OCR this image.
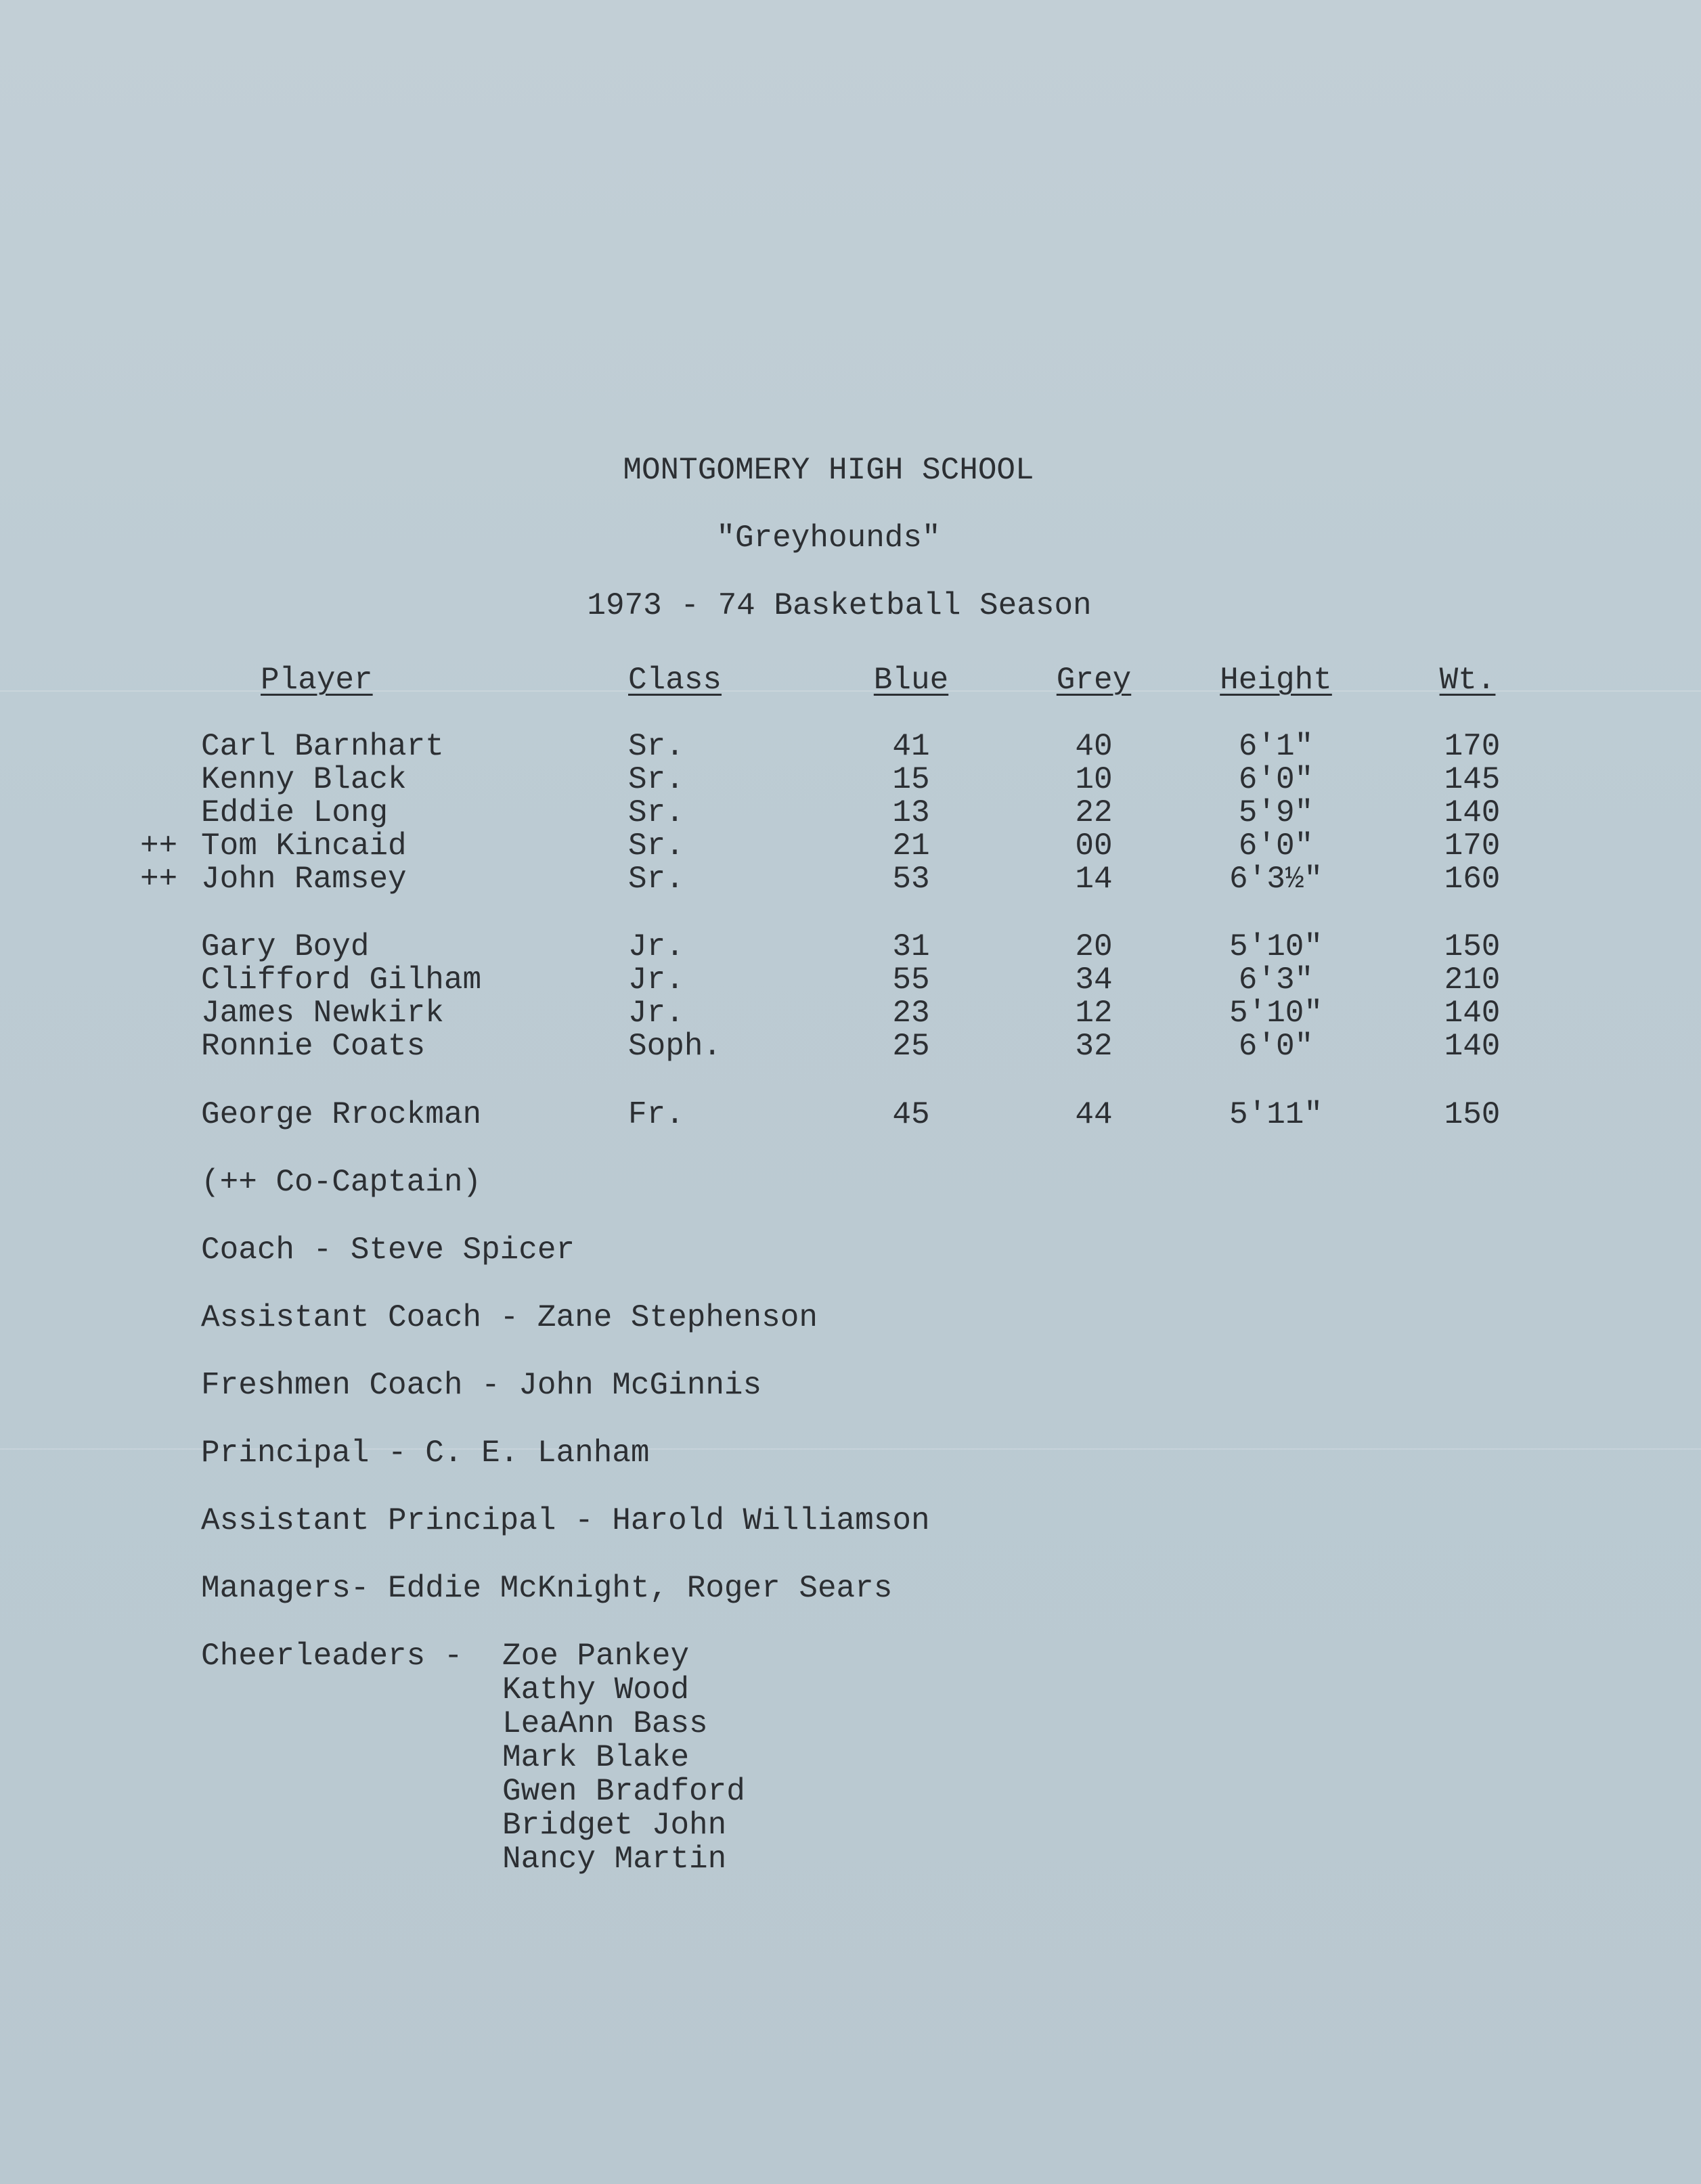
MONTGOMERY HIGH SCHOOL
"Greyhounds"
1973 - 74 Basketball Season
Player	Class	Blue	Grey	Height	Wt.
Carl Barnhart	Sr.	41	40	6'1"	170
Kenny Black	Sr.	15	10	6'0"	145
Eddie Long	Sr.	13	22	5'9"	140
++ Tom Kincaid	Sr.	21	00	6'0"	170
++ John Ramsey	Sr.	53	14	6'3½"	160
Gary Boyd	Jr.	31	20	5'10"	150
Clifford Gilham	Jr.	55	34	6'3"	210
James Newkirk	Jr.	23	12	5'10"	140
Ronnie Coats	Soph.	25	32	6'0"	140
George Rrockman	Fr.	45	44	5'11"	150
(++ Co-Captain)
Coach - Steve Spicer
Assistant Coach - Zane Stephenson
Freshmen Coach - John McGinnis
Principal - C. E. Lanham
Assistant Principal - Harold Williamson
Managers- Eddie McKnight, Roger Sears
Cheerleaders - Zoe Pankey
Kathy Wood
LeaAnn Bass
Mark Blake
Gwen Bradford
Bridget John
Nancy Martin
